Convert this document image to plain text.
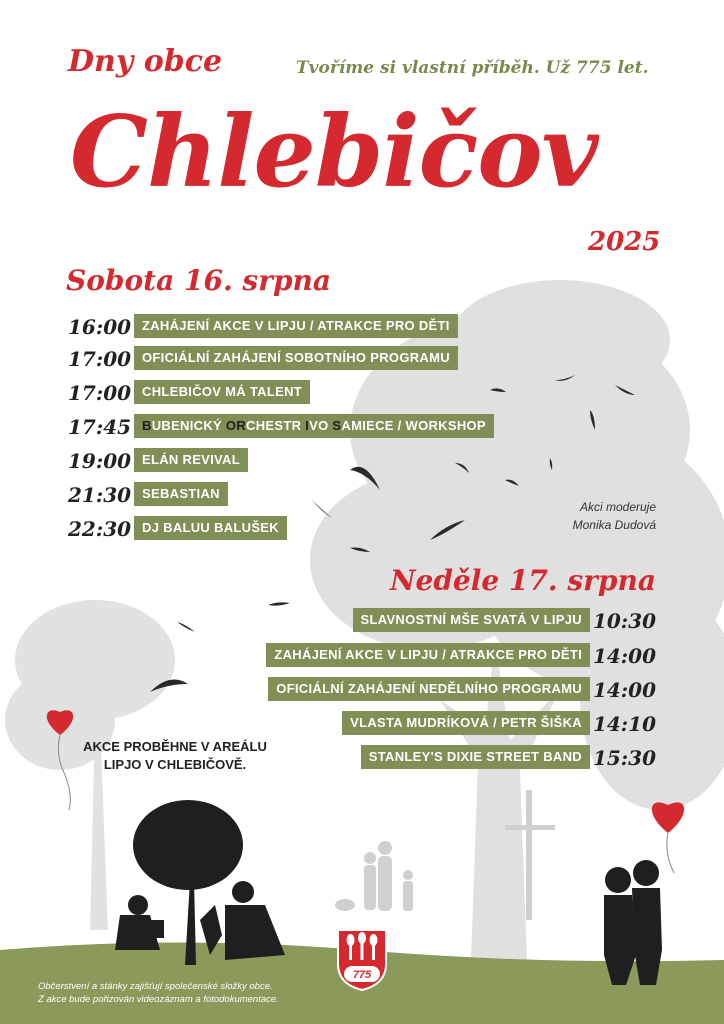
Dny obce	Tvoříme si vlastní příběh. Už 775 let.
Chlebičov
2025
Sobota 16. srpna
16:00 ZAHÁJENÍ AKCE V LIPJU / ATRAKCE PRO DĚTI
17:00 OFICIÁLNÍ ZAHÁJENÍ SOBOTNÍHO PROGRAMU
17:00 CHLEBIČOV MÁ TALENT
17:45 BUBENICKÝ ORCHESTR IVO SAMIECE / WORKSHOP
19:00 ELÁN REVIVAL
21:30 SEBASTIAN
22:30 DJ BALUU BALUŠEK
Akci moderuje
Monika Dudová
Neděle 17. srpna
SLAVNOSTNÍ MŠE SVATÁ V LIPJU 10:30
ZAHÁJENÍ AKCE V LIPJU / ATRAKCE PRO DĚTI 14:00
OFICIÁLNÍ ZAHÁJENÍ NEDĚLNÍHO PROGRAMU 14:00
VLASTA MUDRÍKOVÁ / PETR ŠIŠKA 14:10
STANLEY'S DIXIE STREET BAND 15:30
AKCE PROBĚHNE V AREÁLU
LIPJO V CHLEBIČOVĚ.
775
Občerstvení a stánky zajišťují společenské složky obce.
Z akce bude pořizován videozáznam a fotodokumentace.
